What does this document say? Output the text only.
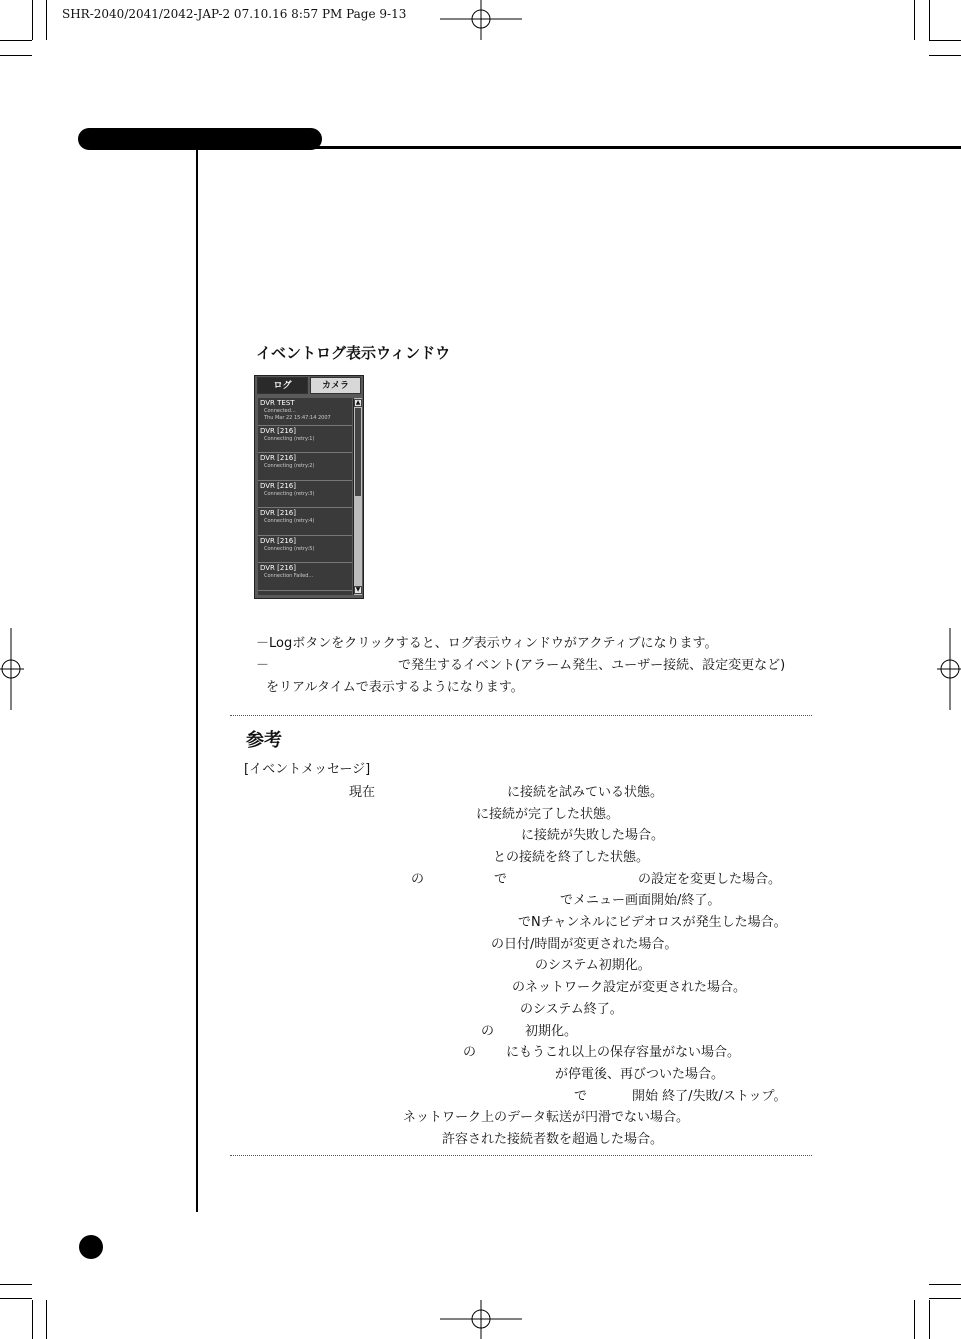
SHR-2040/2041/2042-JAP-2 07.10.16 8:57 PM Page 9-13
イベントログ表示ウィンドウ
ログ	カメラ
DVR TEST
Connected...
Thu Mar 22 15:47:14 2007
DVR [216]
Connecting (retry:1)
DVR [216]
Connecting (retry:2)
DVR [216]
Connecting (retry:3)
DVR [216]
Connecting (retry:4)
DVR [216]
Connecting (retry:5)
DVR [216]
Connection Failed...
▲
▼
－Logボタンをクリックすると、ログ表示ウィンドウがアクティブになります。
－	で発生するイベント(アラーム発生、ユーザー接続、設定変更など)
をリアルタイムで表示するようになります。
参考
[イベントメッセージ]
現在	に接続を試みている状態。
に接続が完了した状態。
に接続が失敗した場合。
との接続を終了した状態。
の	で	の設定を変更した場合。
でメニュー画面開始/終了。
でNチャンネルにビデオロスが発生した場合。
の日付/時間が変更された場合。
のシステム初期化。
のネットワーク設定が変更された場合。
のシステム終了。
の 初期化。
の にもうこれ以上の保存容量がない場合。
が停電後、再びついた場合。
で	開始 終了/失敗/ストップ。
ネットワーク上のデータ転送が円滑でない場合。
許容された接続者数を超過した場合。
